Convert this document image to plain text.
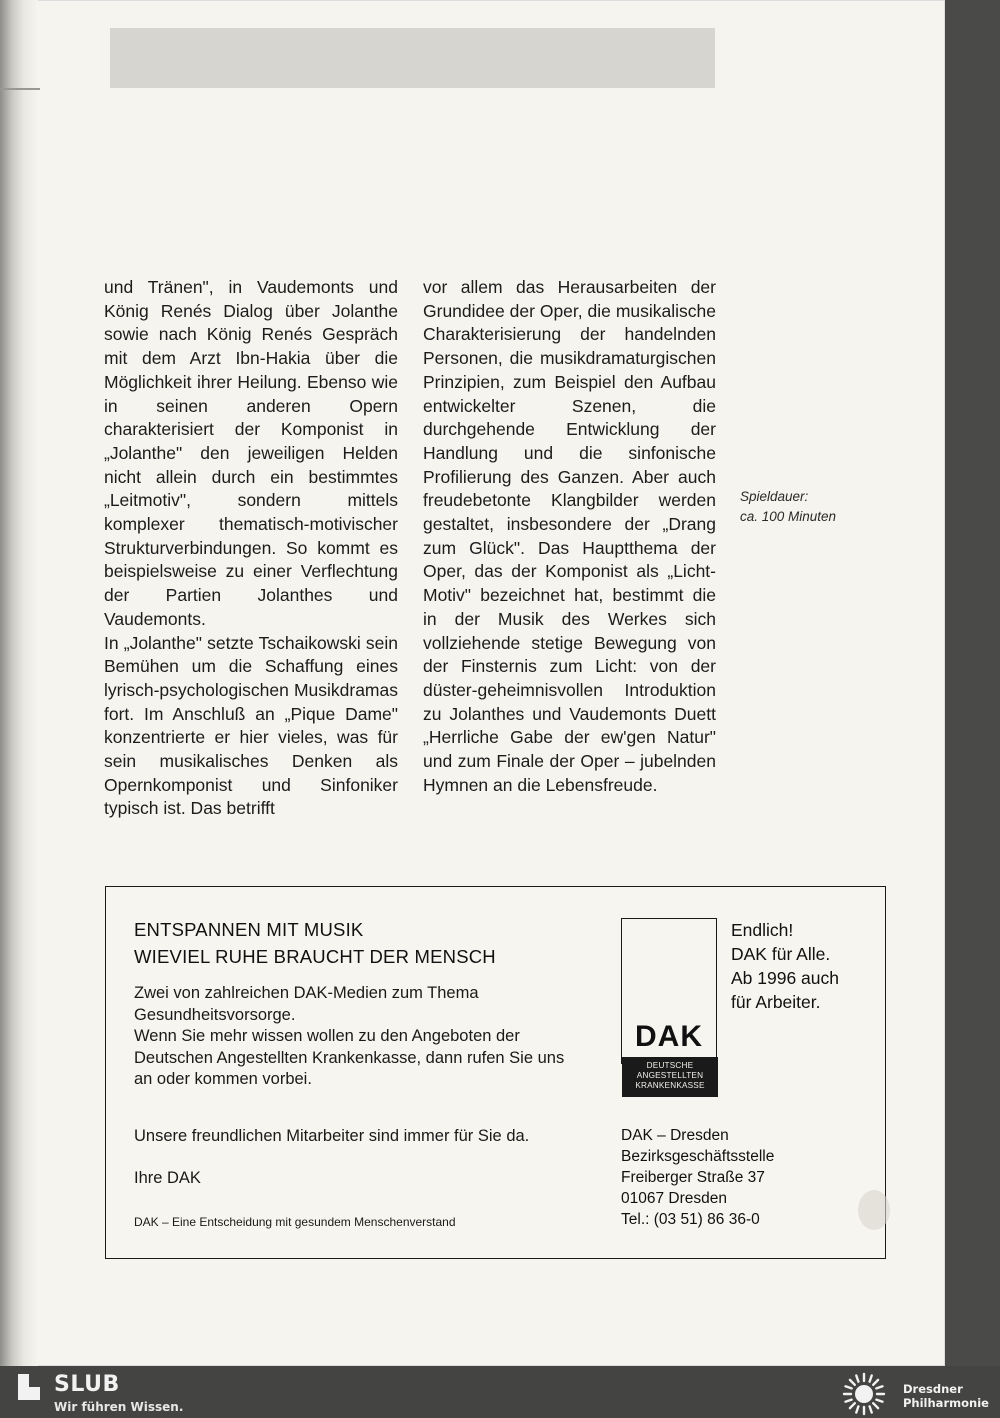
und Tränen", in Vaudemonts und König Renés Dialog über Jolanthe sowie nach König Renés Gespräch mit dem Arzt Ibn-Hakia über die Möglichkeit ihrer Heilung. Ebenso wie in seinen anderen Opern charakterisiert der Komponist in „Jolanthe" den jeweiligen Helden nicht allein durch ein bestimmtes „Leitmotiv", sondern mittels komplexer thematisch-motivischer Strukturverbindungen. So kommt es beispielsweise zu einer Verflechtung der Partien Jolanthes und Vaudemonts.

In „Jolanthe" setzte Tschaikowski sein Bemühen um die Schaffung eines lyrisch-psychologischen Musikdramas fort. Im Anschluß an „Pique Dame" konzentrierte er hier vieles, was für sein musikalisches Denken als Opernkomponist und Sinfoniker typisch ist. Das betrifft

vor allem das Herausarbeiten der Grundidee der Oper, die musikalische Charakterisierung der handelnden Personen, die musikdramaturgischen Prinzipien, zum Beispiel den Aufbau entwickelter Szenen, die durchgehende Entwicklung der Handlung und die sinfonische Profilierung des Ganzen. Aber auch freudebetonte Klangbilder werden gestaltet, insbesondere der „Drang zum Glück". Das Hauptthema der Oper, das der Komponist als „Licht-Motiv" bezeichnet hat, bestimmt die in der Musik des Werkes sich vollziehende stetige Bewegung von der Finsternis zum Licht: von der düster-geheimnisvollen Introduktion zu Jolanthes und Vaudemonts Duett „Herrliche Gabe der ew'gen Natur" und zum Finale der Oper – jubelnden Hymnen an die Lebensfreude.

Spieldauer:
ca. 100 Minuten
ENTSPANNEN MIT MUSIK
WIEVIEL RUHE BRAUCHT DER MENSCH
Zwei von zahlreichen DAK-Medien zum Thema Gesundheitsvorsorge.
Wenn Sie mehr wissen wollen zu den Angeboten der Deutschen Angestellten Krankenkasse, dann rufen Sie uns an oder kommen vorbei.
Unsere freundlichen Mitarbeiter sind immer für Sie da.
Ihre DAK
DAK – Eine Entscheidung mit gesundem Menschenverstand
DAK
DEUTSCHE
ANGESTELLTEN
KRANKENKASSE
Endlich!
DAK für Alle.
Ab 1996 auch
für Arbeiter.
DAK – Dresden
Bezirksgeschäftsstelle
Freiberger Straße 37
01067 Dresden
Tel.: (03 51) 86 36-0
SLUB
Wir führen Wissen.
Dresdner
Philharmonie
